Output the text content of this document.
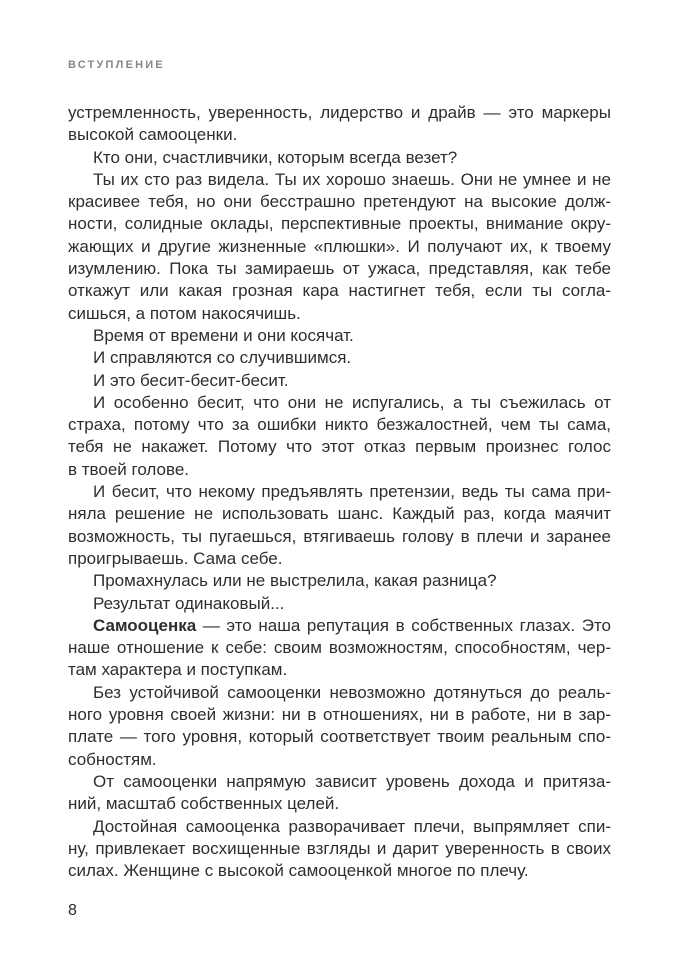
ВСТУПЛЕНИЕ

устремленность, уверенность, лидерство и драйв — это маркеры
высокой самооценки.

Кто они, счастливчики, которым всегда везет?

Ты их сто раз видела. Ты их хорошо знаешь. Они не умнее и не
красивее тебя, но они бесстрашно претендуют на высокие долж-
ности, солидные оклады, перспективные проекты, внимание окру-
жающих и другие жизненные «плюшки». И получают их, к твоему
изумлению. Пока ты замираешь от ужаса, представляя, как тебе
откажут или какая грозная кара настигнет тебя, если ты согла-
сишься, а потом накосячишь.

Время от времени и они косячат.

И справляются со случившимся.

И это бесит-бесит-бесит.

И особенно бесит, что они не испугались, а ты съежилась от
страха, потому что за ошибки никто безжалостней, чем ты сама,
тебя не накажет. Потому что этот отказ первым произнес голос
в твоей голове.

И бесит, что некому предъявлять претензии, ведь ты сама при-
няла решение не использовать шанс. Каждый раз, когда маячит
возможность, ты пугаешься, втягиваешь голову в плечи и заранее
проигрываешь. Сама себе.

Промахнулась или не выстрелила, какая разница?

Результат одинаковый...

Самооценка — это наша репутация в собственных глазах. Это
наше отношение к себе: своим возможностям, способностям, чер-
там характера и поступкам.

Без устойчивой самооценки невозможно дотянуться до реаль-
ного уровня своей жизни: ни в отношениях, ни в работе, ни в зар-
плате — того уровня, который соответствует твоим реальным спо-
собностям.

От самооценки напрямую зависит уровень дохода и притяза-
ний, масштаб собственных целей.

Достойная самооценка разворачивает плечи, выпрямляет спи-
ну, привлекает восхищенные взгляды и дарит уверенность в своих
силах. Женщине с высокой самооценкой многое по плечу.

8
